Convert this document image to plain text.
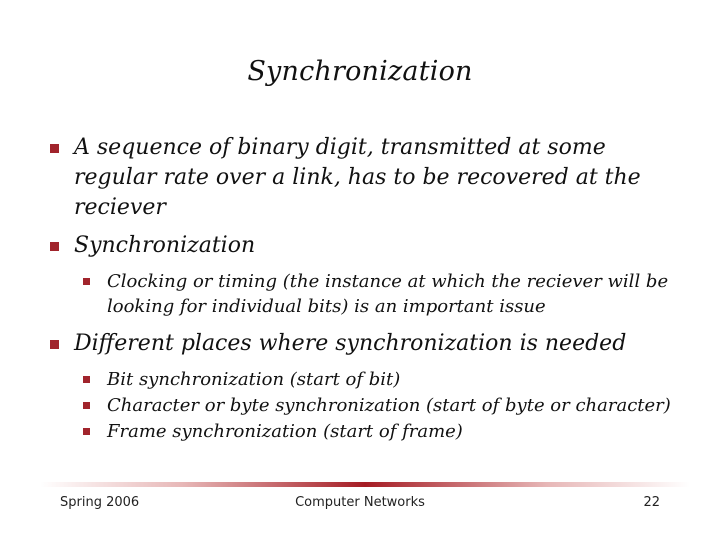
Synchronization
A sequence of binary digit, transmitted at some regular rate over a link, has to be recovered at the reciever
Synchronization
Clocking or timing (the instance at which the reciever will be looking for individual bits) is an important issue
Different places where synchronization is needed
Bit synchronization (start of bit)
Character or byte synchronization (start of byte or character)
Frame synchronization (start of frame)
Spring 2006	Computer Networks	22
